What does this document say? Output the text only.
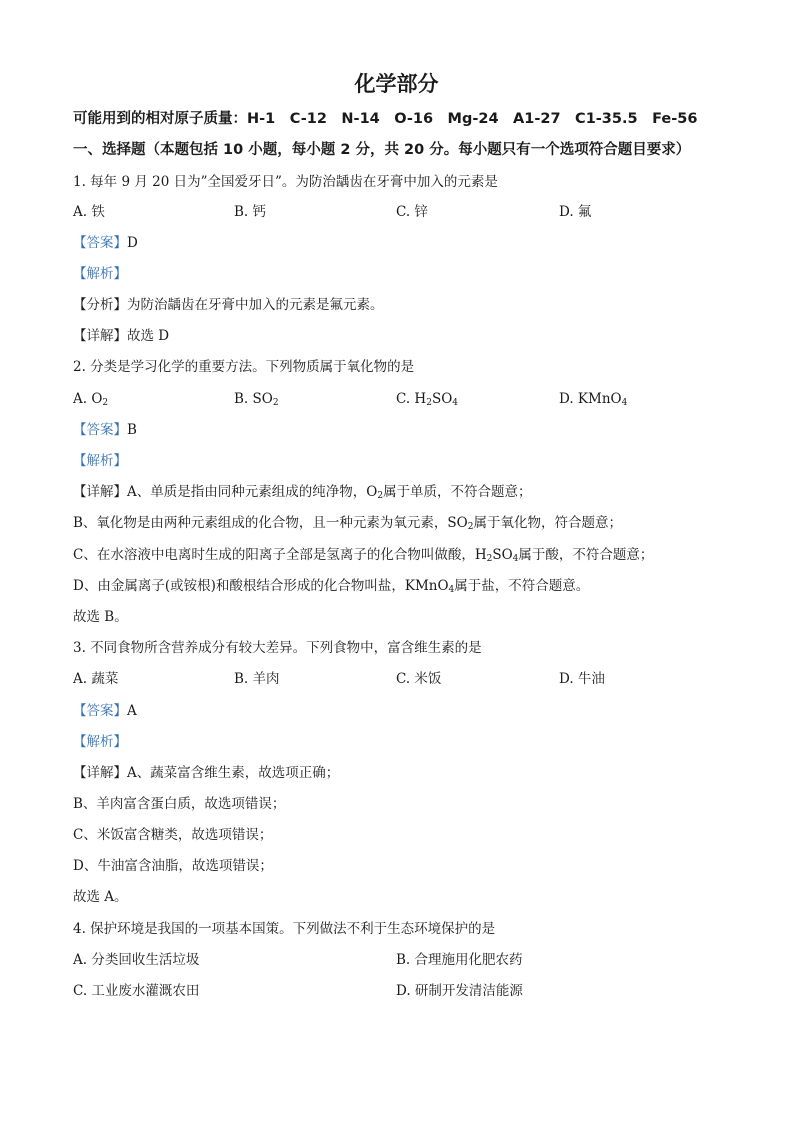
化学部分
可能用到的相对原子质量：H-1　C-12　N-14　O-16　Mg-24　A1-27　C1-35.5　Fe-56
一、选择题（本题包括 10 小题，每小题 2 分，共 20 分。每小题只有一个选项符合题目要求）
1. 每年 9 月 20 日为”全国爱牙日”。为防治龋齿在牙膏中加入的元素是
A. 铁	B. 钙	C. 锌	D. 氟
【答案】D
【解析】
【分析】为防治龋齿在牙膏中加入的元素是氟元素。
【详解】故选 D
2. 分类是学习化学的重要方法。下列物质属于氧化物的是
A. $O_2$	B. $SO_2$	C. $H_2SO_4$	D. KMnO$_4$
【答案】B
【解析】
【详解】A、单质是指由同种元素组成的纯净物，$O_2$属于单质，不符合题意；
B、氧化物是由两种元素组成的化合物，且一种元素为氧元素，$SO_2$属于氧化物，符合题意；
C、在水溶液中电离时生成的阳离子全部是氢离子的化合物叫做酸，$H_2SO_4$属于酸，不符合题意；
D、由金属离子(或铵根)和酸根结合形成的化合物叫盐，KMnO$_4$属于盐，不符合题意。
故选 B。
3. 不同食物所含营养成分有较大差异。下列食物中，富含维生素的是
A. 蔬菜	B. 羊肉	C. 米饭	D. 牛油
【答案】A
【解析】
【详解】A、蔬菜富含维生素，故选项正确；
B、羊肉富含蛋白质，故选项错误；
C、米饭富含糖类，故选项错误；
D、牛油富含油脂，故选项错误；
故选 A。
4. 保护环境是我国的一项基本国策。下列做法不利于生态环境保护的是
A. 分类回收生活垃圾	B. 合理施用化肥农药
C. 工业废水灌溉农田	D. 研制开发清洁能源
